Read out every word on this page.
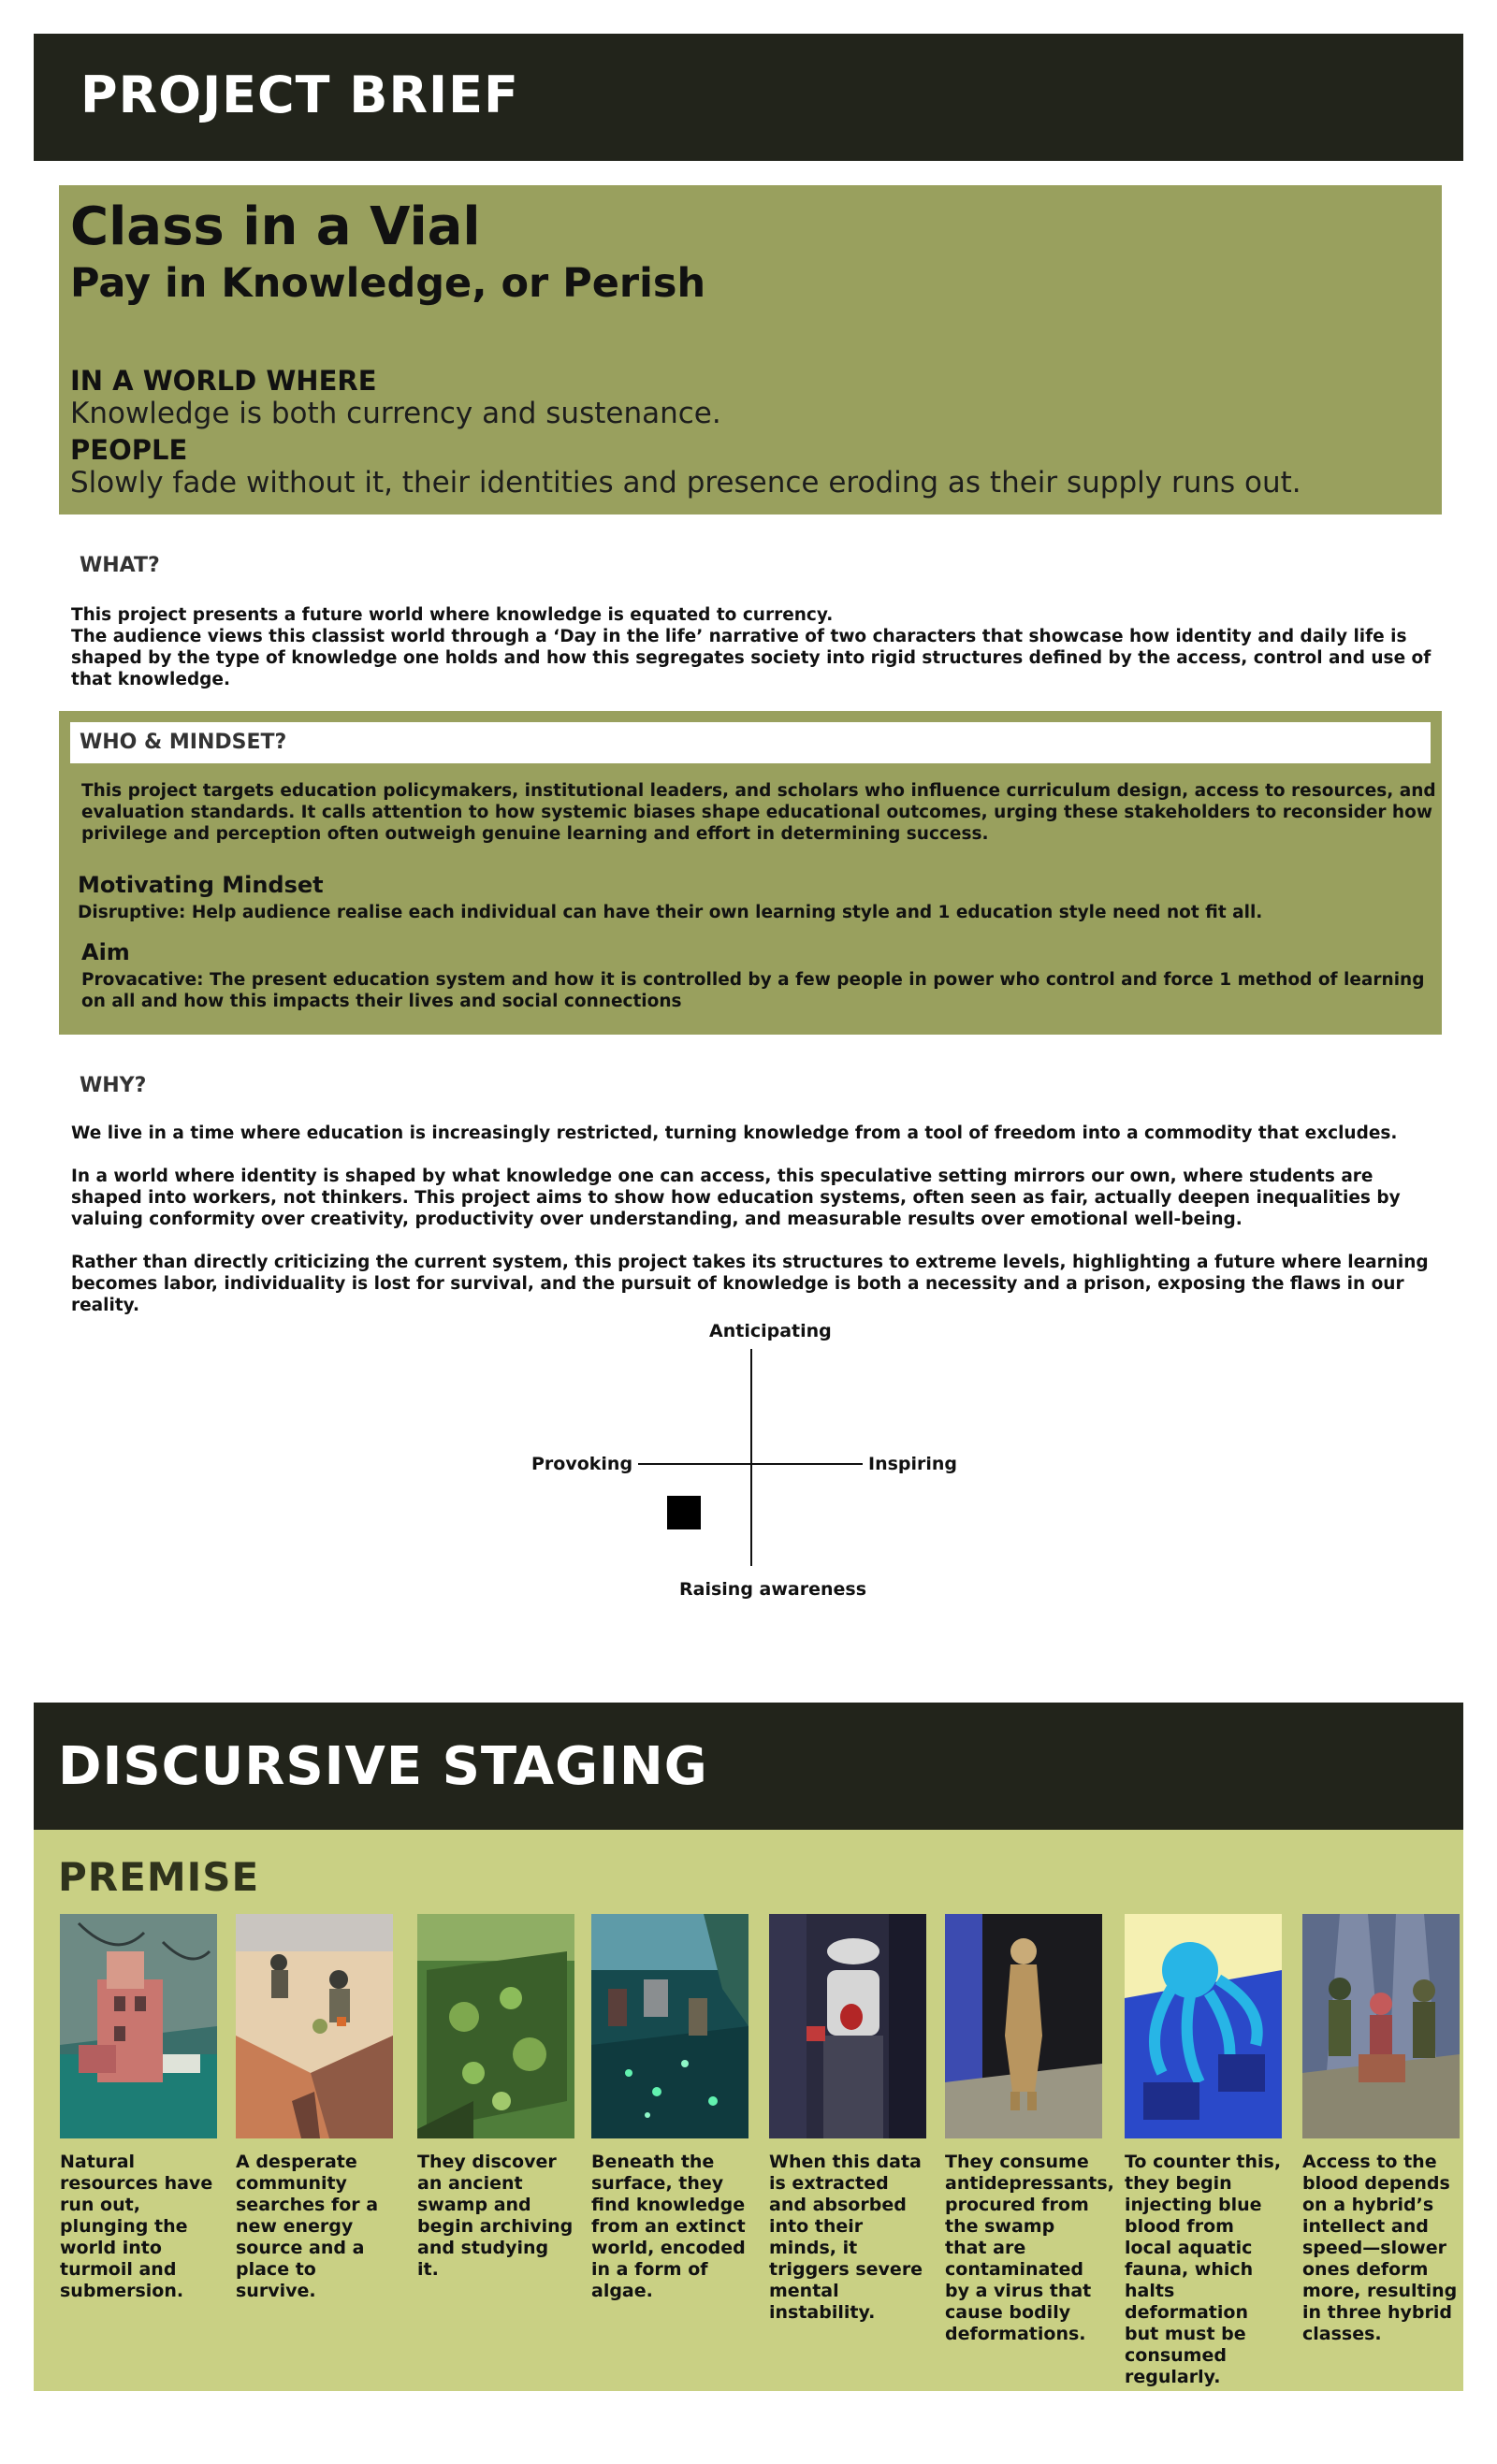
PROJECT BRIEF
Class in a Vial
Pay in Knowledge, or Perish
IN A WORLD WHERE
Knowledge is both currency and sustenance.
PEOPLE
Slowly fade without it, their identities and presence eroding as their supply runs out.
WHAT?
This project presents a future world where knowledge is equated to currency.
The audience views this classist world through a ‘Day in the life’ narrative of two characters that showcase how identity and daily life is shaped by the type of knowledge one holds and how this segregates society into rigid structures defined by the access, control and use of that knowledge.
WHO & MINDSET?
This project targets education policymakers, institutional leaders, and scholars who influence curriculum design, access to resources, and evaluation standards. It calls attention to how systemic biases shape educational outcomes, urging these stakeholders to reconsider how privilege and perception often outweigh genuine learning and effort in determining success.
Motivating Mindset
Disruptive: Help audience realise each individual can have their own learning style and 1 education style need not fit all.
Aim
Provacative: The present education system and how it is controlled by a few people in power who control and force 1 method of learning on all and how this impacts their lives and social connections
WHY?
We live in a time where education is increasingly restricted, turning knowledge from a tool of freedom into a commodity that excludes.
In a world where identity is shaped by what knowledge one can access, this speculative setting mirrors our own, where students are shaped into workers, not thinkers. This project aims to show how education systems, often seen as fair, actually deepen inequalities by valuing conformity over creativity, productivity over understanding, and measurable results over emotional well-being.
Rather than directly criticizing the current system, this project takes its structures to extreme levels, highlighting a future where learning becomes labor, individuality is lost for survival, and the pursuit of knowledge is both a necessity and a prison, exposing the flaws in our reality.
Anticipating
Provoking	Inspiring
Raising awareness
DISCURSIVE STAGING
PREMISE
Natural resources have run out, plunging the world into turmoil and submersion.
A desperate community searches for a new energy source and a place to survive.
They discover an ancient swamp and begin archiving and studying it.
Beneath the surface, they find knowledge from an extinct world, encoded in a form of algae.
When this data is extracted and absorbed into their minds, it triggers severe mental instability.
They consume antidepressants, procured from the swamp that are contaminated by a virus that cause bodily deformations.
To counter this, they begin injecting blue blood from local aquatic fauna, which halts deformation but must be consumed regularly.
Access to the blood depends on a hybrid’s intellect and speed—slower ones deform more, resulting in three hybrid classes.
